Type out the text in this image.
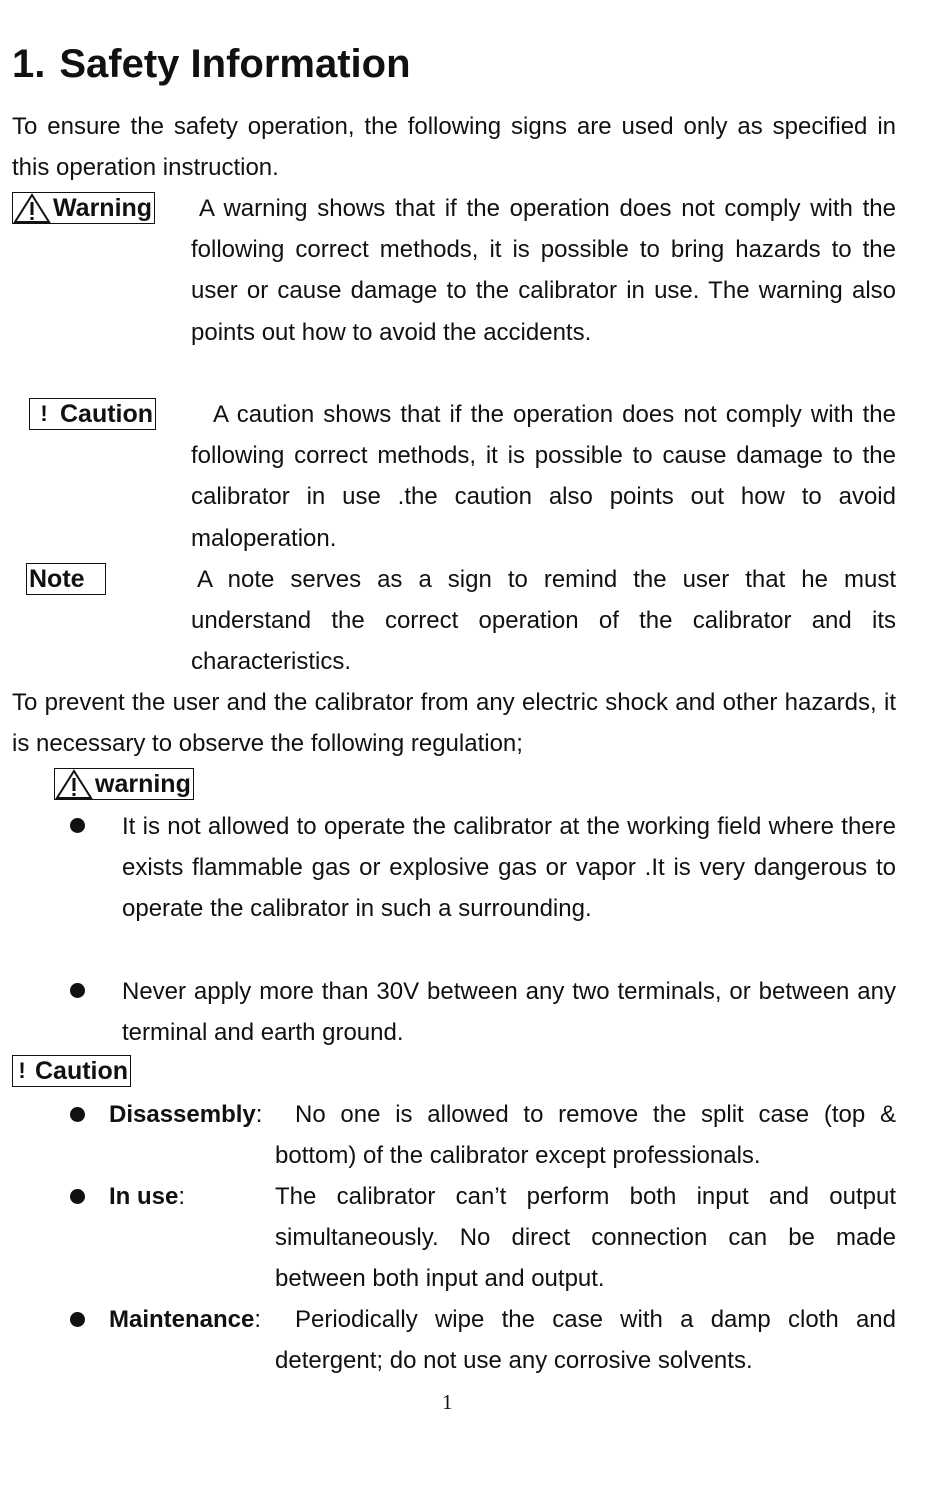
1. Safety Information

To ensure the safety operation, the following signs are used only as specified in this operation instruction.

Warning	A warning shows that if the operation does not comply with the following correct methods, it is possible to bring hazards to the user or cause damage to the calibrator in use. The warning also points out how to avoid the accidents.

! Caution	A caution shows that if the operation does not comply with the following correct methods, it is possible to cause damage to the calibrator in use .the caution also points out how to avoid maloperation.

Note	A note serves as a sign to remind the user that he must understand the correct operation of the calibrator and its characteristics.

To prevent the user and the calibrator from any electric shock and other hazards, it is necessary to observe the following regulation;

warning

It is not allowed to operate the calibrator at the working field where there exists flammable gas or explosive gas or vapor .It is very dangerous to operate the calibrator in such a surrounding.

Never apply more than 30V between any two terminals, or between any terminal and earth ground.

! Caution
Disassembly:	No one is allowed to remove the split case (top & bottom) of the calibrator except professionals.

In use:	The calibrator can’t perform both input and output simultaneously. No direct connection can be made between both input and output.

Maintenance:	Periodically wipe the case with a damp cloth and detergent; do not use any corrosive solvents.

1
